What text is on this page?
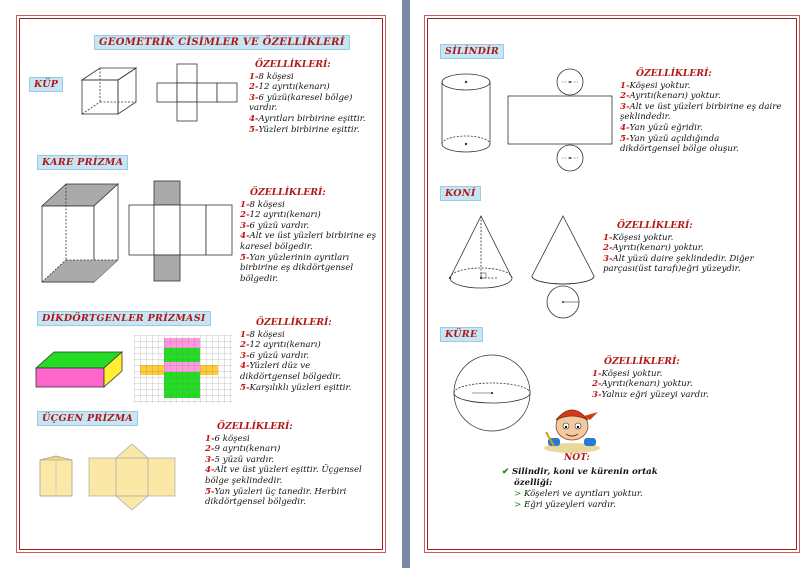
GEOMETRİK CİSİMLER VE ÖZELLİKLERİ
KÜP
ÖZELLİKLERİ:
1-8 köşesi
2-12 ayrıtı(kenarı)
3-6 yüzü(karesel bölge)
vardır.
4-Ayrıtları birbirine eşittir.
5-Yüzleri birbirine eşittir.
KARE PRİZMA
ÖZELLİKLERİ:
1-8 köşesi
2-12 ayrıtı(kenarı)
3-6 yüzü vardır.
4-Alt ve üst yüzleri birbirine eş
karesel bölgedir.
5-Yan yüzlerinin ayrıtları
birbirine eş dikdörtgensel
bölgedir.
DİKDÖRTGENLER PRİZMASI	ÖZELLİKLERİ:
1-8 köşesi
2-12 ayrıtı(kenarı)
3-6 yüzü vardır.
4-Yüzleri düz ve
dikdörtgensel bölgedir.
5-Karşılıklı yüzleri eşittir.
ÜÇGEN PRİZMA
ÖZELLİKLERİ:
1-6 köşesi
2-9 ayrıtı(kenarı)
3-5 yüzü vardır.
4-Alt ve üst yüzleri eşittir. Üçgensel
bölge şeklindedir.
5-Yan yüzleri üç tanedir. Herbiri
dikdörtgensel bölgedir.
SİLİNDİR
ÖZELLİKLERİ:
1-Köşesi yoktur.
2-Ayrıtı(kenarı) yoktur.
3-Alt ve üst yüzleri birbirine eş daire
şeklindedir.
4-Yan yüzü eğridir.
5-Yan yüzü açıldığında
dikdörtgensel bölge oluşur.
KONİ
ÖZELLİKLERİ:
1-Köşesi yoktur.
2-Ayrıtı(kenarı) yoktur.
3-Alt yüzü daire şeklindedir. Diğer
parçası(üst tarafı)eğri yüzeydir.
KÜRE
ÖZELLİKLERİ:
1-Köşesi yoktur.
2-Ayrıtı(kenarı) yoktur.
3-Yalnız eğri yüzeyi vardır.
NOT:
✔ Silindir, koni ve kürenin ortak
özelliği:
> Köşeleri ve ayrıtları yoktur.
> Eğri yüzeyleri vardır.
